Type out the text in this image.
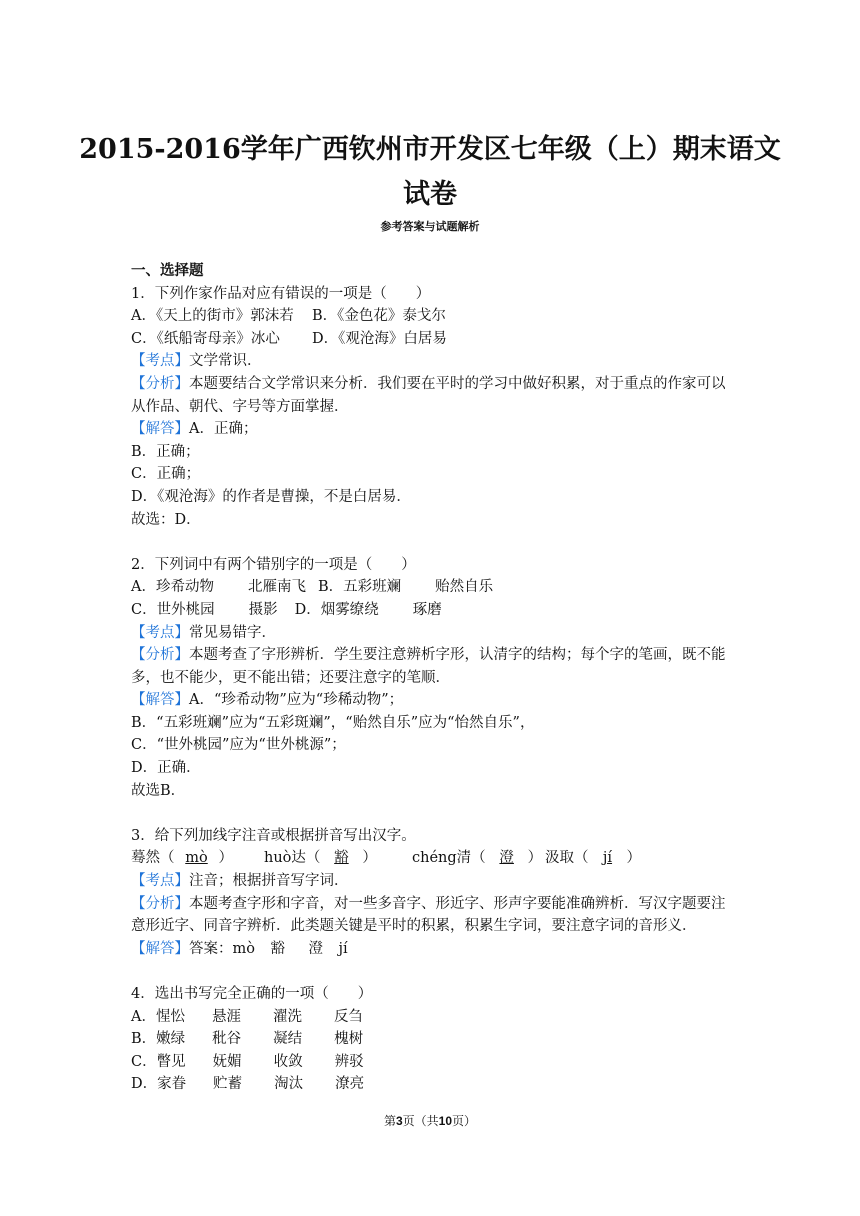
2015-2016学年广西钦州市开发区七年级（上）期末语文
试卷
参考答案与试题解析
一、选择题
1．下列作家作品对应有错误的一项是（　　）
A．《天上的街市》郭沫若 B．《金色花》泰戈尔
C．《纸船寄母亲》冰心 D．《观沧海》白居易
【考点】文学常识．
【分析】本题要结合文学常识来分析．我们要在平时的学习中做好积累，对于重点的作家可以从作品、朝代、字号等方面掌握．
【解答】A．正确；
B．正确；
C．正确；
D．《观沧海》的作者是曹操，不是白居易．
故选：D．
2．下列词中有两个错别字的一项是（　　）
A．珍希动物 北雁南飞 B．五彩班斓 贻然自乐
C．世外桃园 摄影 D．烟雾缭绕 琢磨
【考点】常见易错字．
【分析】本题考查了字形辨析．学生要注意辨析字形，认清字的结构；每个字的笔画，既不能多，也不能少，更不能出错；还要注意字的笔顺．
【解答】A．“珍希动物”应为“珍稀动物”；
B．“五彩班斓”应为“五彩斑斓”，“贻然自乐”应为“怡然自乐”，
C．“世外桃园”应为“世外桃源”；
D．正确．
故选B．
3．给下列加线字注音或根据拼音写出汉字。
蓦然（ mò ） huò达（ 豁 ） chéng清（ 澄 ） 汲取（ jí ）
【考点】注音；根据拼音写字词．
【分析】本题考查字形和字音，对一些多音字、形近字、形声字要能准确辨析．写汉字题要注意形近字、同音字辨析．此类题关键是平时的积累，积累生字词，要注意字词的音形义．
【解答】答案：mò 豁 澄 jí
4．选出书写完全正确的一项（　　）
A．惺忪 悬涯 濯洗 反刍
B．嫩绿 秕谷 凝结 槐树
C．瞥见 妩媚 收敛 辨驳
D．家眷 贮蓄 淘汰 潦亮
第3页（共10页）
